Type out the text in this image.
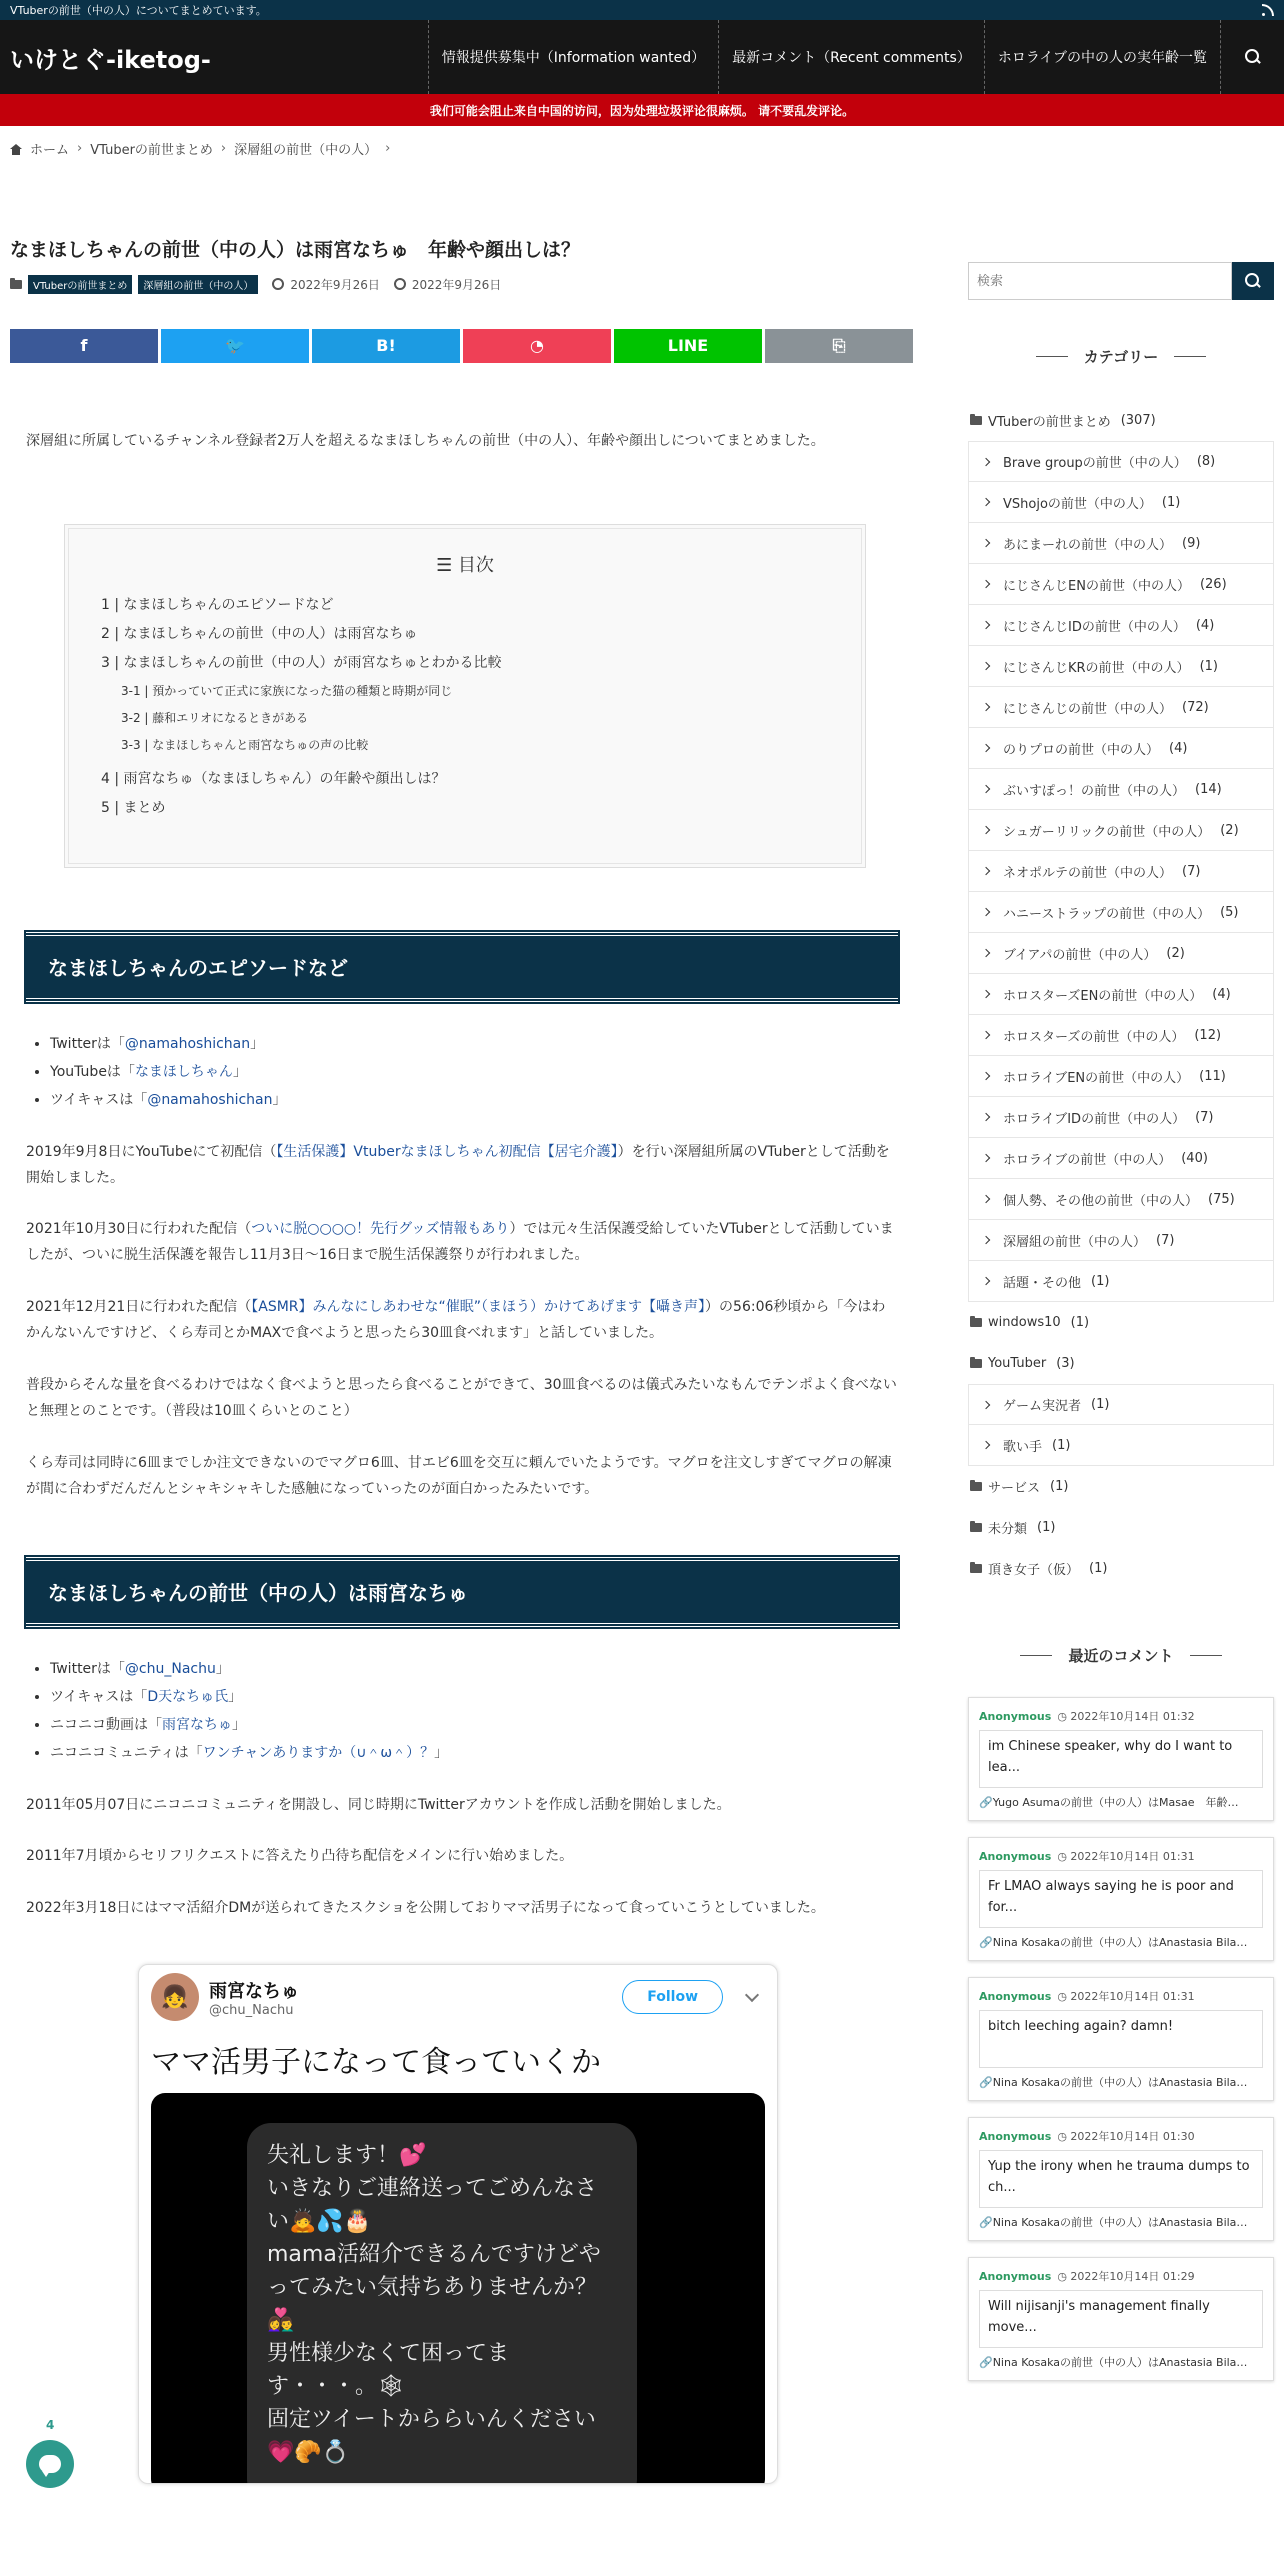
VTuberの前世（中の人）についてまとめています。
いけとぐ-iketog-	情報提供募集中（Information wanted）	最新コメント（Recent comments）	ホロライブの中の人の実年齢一覧
我们可能会阻止来自中国的访问，因为处理垃圾评论很麻烦。 请不要乱发评论。
ホーム › VTuberの前世まとめ › 深層組の前世（中の人） ›
なまほしちゃんの前世（中の人）は雨宮なちゅ　年齢や顔出しは？
VTuberの前世まとめ	深層組の前世（中の人）	2022年9月26日	2022年9月26日
f	🐦	B!	◔	LINE	⎘

深層組に所属しているチャンネル登録者2万人を超えるなまほしちゃんの前世（中の人）、年齢や顔出しについてまとめました。

☰ 目次
1 | なまほしちゃんのエピソードなど
2 | なまほしちゃんの前世（中の人）は雨宮なちゅ
3 | なまほしちゃんの前世（中の人）が雨宮なちゅとわかる比較
3-1 | 預かっていて正式に家族になった猫の種類と時期が同じ
3-2 | 藤和エリオになるときがある
3-3 | なまほしちゃんと雨宮なちゅの声の比較
4 | 雨宮なちゅ（なまほしちゃん）の年齢や顔出しは？
5 | まとめ
なまほしちゃんのエピソードなど
• Twitterは「@namahoshichan」
• YouTubeは「なまほしちゃん」
• ツイキャスは「@namahoshichan」

2019年9月8日にYouTubeにて初配信（【生活保護】Vtuberなまほしちゃん初配信【居宅介護】）を行い深層組所属のVTuberとして活動を開始しました。

2021年10月30日に行われた配信（ついに脱○○○○！先行グッズ情報もあり）では元々生活保護受給していたVTuberとして活動していましたが、ついに脱生活保護を報告し11月3日～16日まで脱生活保護祭りが行われました。

2021年12月21日に行われた配信（【ASMR】みんなにしあわせな“催眠”（まほう）かけてあげます【囁き声】）の56:06秒頃から「今はわかんないんですけど、くら寿司とかMAXで食べようと思ったら30皿食べれます」と話していました。

普段からそんな量を食べるわけではなく食べようと思ったら食べることができて、30皿食べるのは儀式みたいなもんでテンポよく食べないと無理とのことです。（普段は10皿くらいとのこと）

くら寿司は同時に6皿までしか注文できないのでマグロ6皿、甘エビ6皿を交互に頼んでいたようです。マグロを注文しすぎてマグロの解凍が間に合わずだんだんとシャキシャキした感触になっていったのが面白かったみたいです。

なまほしちゃんの前世（中の人）は雨宮なちゅ
• Twitterは「@chu_Nachu」
• ツイキャスは「D天なちゅ氏」
• ニコニコ動画は「雨宮なちゅ」
• ニコニコミュニティは「ワンチャンありますか（∪＾ω＾）？」

2011年05月07日にニコニコミュニティを開設し、同じ時期にTwitterアカウントを作成し活動を開始しました。

2011年7月頃からセリフリクエストに答えたり凸待ち配信をメインに行い始めました。

2022年3月18日にはママ活紹介DMが送られてきたスクショを公開しておりママ活男子になって食っていこうとしていました。

👧	雨宮なちゅ
@chu_Nachu
Follow
ママ活男子になって食っていくか
失礼します！💕
いきなりご連絡送ってごめんなさい🙇💦🎂
mama活紹介できるんですけどやってみたい気持ちありませんか？👩‍❤️‍👨
男性様少なくて困ってます・・・。🕸
固定ツイートかららいんください💗🥐💍
検索
カテゴリー
VTuberの前世まとめ (307)
Brave groupの前世（中の人） (8)
VShojoの前世（中の人） (1)
あにまーれの前世（中の人） (9)
にじさんじENの前世（中の人） (26)
にじさんじIDの前世（中の人） (4)
にじさんじKRの前世（中の人） (1)
にじさんじの前世（中の人） (72)
のりプロの前世（中の人） (4)
ぶいすぽっ！の前世（中の人） (14)
シュガーリリックの前世（中の人） (2)
ネオポルテの前世（中の人） (7)
ハニーストラップの前世（中の人） (5)
ブイアパの前世（中の人） (2)
ホロスターズENの前世（中の人） (4)
ホロスターズの前世（中の人） (12)
ホロライブENの前世（中の人） (11)
ホロライブIDの前世（中の人） (7)
ホロライブの前世（中の人） (40)
個人勢、その他の前世（中の人） (75)
深層組の前世（中の人） (7)
話題・その他 (1)
windows10 (1)
YouTuber (3)
ゲーム実況者 (1)
歌い手 (1)
サービス (1)
未分類 (1)
頂き女子（仮） (1)
最近のコメント
Anonymous ◷ 2022年10月14日 01:32
im Chinese speaker, why do I want to lea...
🔗Yugo Asumaの前世（中の人）はMasae　年齢…
Anonymous ◷ 2022年10月14日 01:31
Fr LMAO always saying he is poor and for...
🔗Nina Kosakaの前世（中の人）はAnastasia Bila…
Anonymous ◷ 2022年10月14日 01:31
bitch leeching again? damn!
🔗Nina Kosakaの前世（中の人）はAnastasia Bila…
Anonymous ◷ 2022年10月14日 01:30
Yup the irony when he trauma dumps to ch...
🔗Nina Kosakaの前世（中の人）はAnastasia Bila…
Anonymous ◷ 2022年10月14日 01:29
Will nijisanji's management finally move...
🔗Nina Kosakaの前世（中の人）はAnastasia Bila…
4
